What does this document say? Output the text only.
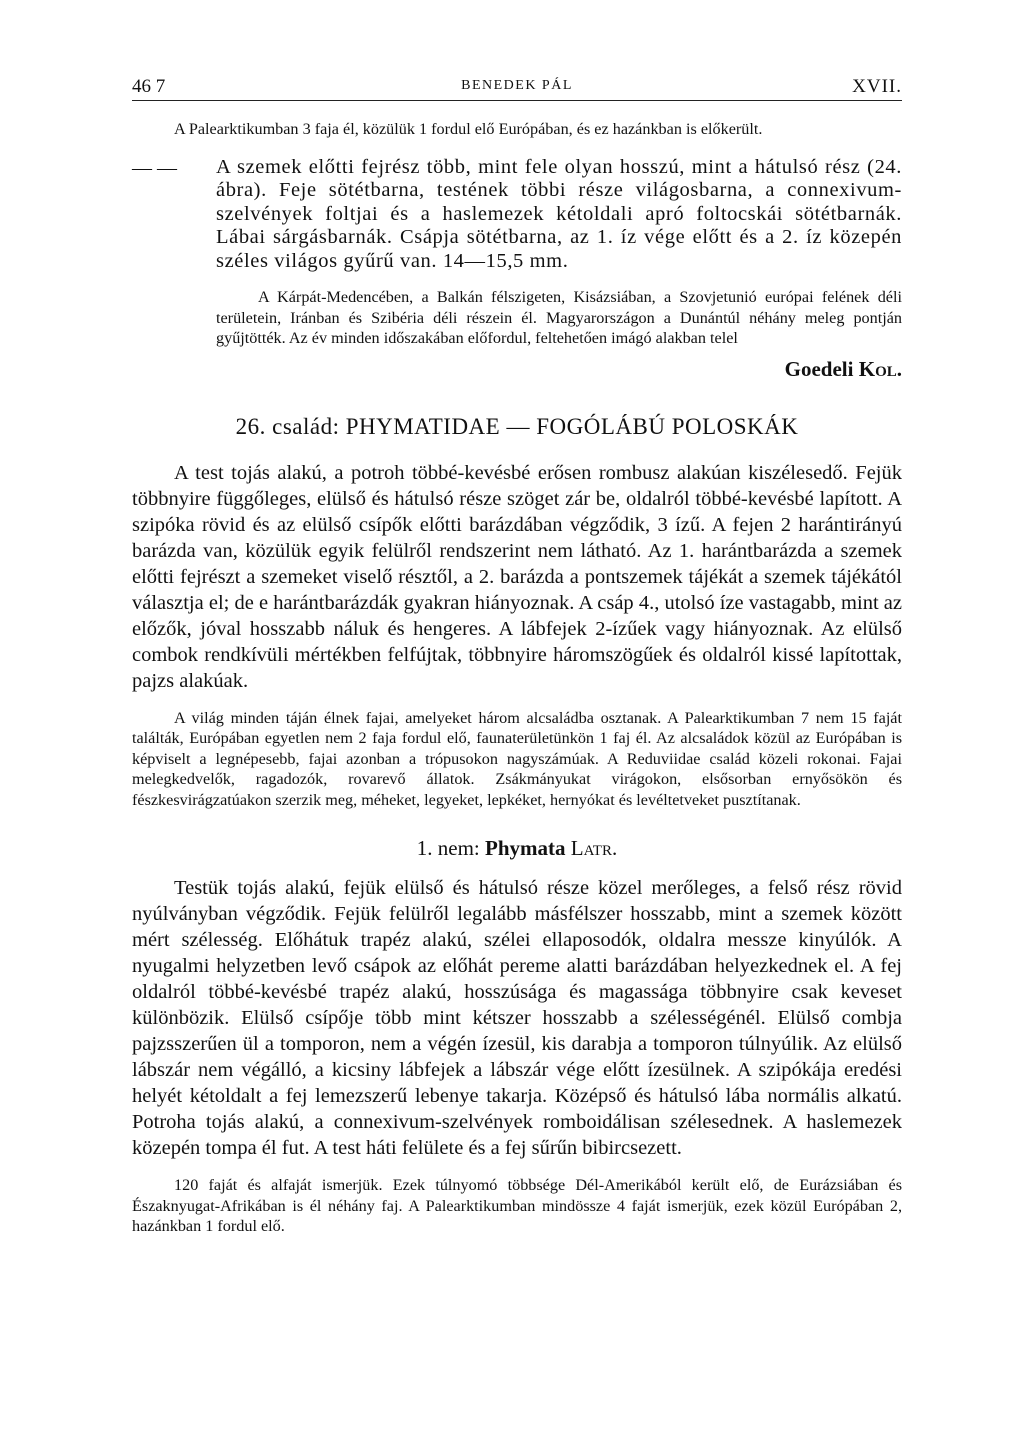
46 7	BENEDEK PÁL	XVII.

A Palearktikumban 3 faja él, közülük 1 fordul elő Európában, és ez hazánkban is előkerült.

— —	A szemek előtti fejrész több, mint fele olyan hosszú, mint a hátulsó rész (24. ábra). Feje sötétbarna, testének többi része világosbarna, a connexivum-szelvények foltjai és a haslemezek kétoldali apró foltocskái sötétbarnák. Lábai sárgásbarnák. Csápja sötétbarna, az 1. íz vége előtt és a 2. íz közepén széles világos gyűrű van. 14—15,5 mm.

A Kárpát-Medencében, a Balkán félszigeten, Kisázsiában, a Szovjetunió európai felének déli területein, Iránban és Szibéria déli részein él. Magyarországon a Dunántúl néhány meleg pontján gyűjtötték. Az év minden időszakában előfordul, feltehetően imágó alakban telel

Goedeli Kol.
26. család: PHYMATIDAE — FOGÓLÁBÚ POLOSKÁK

A test tojás alakú, a potroh többé-kevésbé erősen rombusz alakúan kiszélesedő. Fejük többnyire függőleges, elülső és hátulsó része szöget zár be, oldalról többé-kevésbé lapított. A szipóka rövid és az elülső csípők előtti barázdában végződik, 3 ízű. A fejen 2 harántirányú barázda van, közülük egyik felülről rendszerint nem látható. Az 1. harántbarázda a szemek előtti fejrészt a szemeket viselő résztől, a 2. barázda a pontszemek tájékát a szemek tájékától választja el; de e harántbarázdák gyakran hiányoznak. A csáp 4., utolsó íze vastagabb, mint az előzők, jóval hosszabb náluk és hengeres. A lábfejek 2-ízűek vagy hiányoznak. Az elülső combok rendkívüli mértékben felfújtak, többnyire háromszögűek és oldalról kissé lapítottak, pajzs alakúak.

A világ minden táján élnek fajai, amelyeket három alcsaládba osztanak. A Palearktikumban 7 nem 15 faját találták, Európában egyetlen nem 2 faja fordul elő, faunaterületünkön 1 faj él. Az alcsaládok közül az Európában is képviselt a legnépesebb, fajai azonban a trópusokon nagyszámúak. A Reduviidae család közeli rokonai. Fajai melegkedvelők, ragadozók, rovarevő állatok. Zsákmányukat virágokon, elsősorban ernyősökön és fészkesvirágzatúakon szerzik meg, méheket, legyeket, lepkéket, hernyókat és levéltetveket pusztítanak.

1. nem: Phymata Latr.

Testük tojás alakú, fejük elülső és hátulsó része közel merőleges, a felső rész rövid nyúlványban végződik. Fejük felülről legalább másfélszer hosszabb, mint a szemek között mért szélesség. Előhátuk trapéz alakú, szélei ellaposodók, oldalra messze kinyúlók. A nyugalmi helyzetben levő csápok az előhát pereme alatti barázdában helyezkednek el. A fej oldalról többé-kevésbé trapéz alakú, hosszúsága és magassága többnyire csak keveset különbözik. Elülső csípője több mint kétszer hosszabb a szélességénél. Elülső combja pajzsszerűen ül a tomporon, nem a végén ízesül, kis darabja a tomporon túlnyúlik. Az elülső lábszár nem végálló, a kicsiny lábfejek a lábszár vége előtt ízesülnek. A szipókája eredési helyét kétoldalt a fej lemezszerű lebenye takarja. Középső és hátulsó lába normális alkatú. Potroha tojás alakú, a connexivum-szelvények romboidálisan szélesednek. A haslemezek közepén tompa él fut. A test háti felülete és a fej sűrűn bibircsezett.

120 faját és alfaját ismerjük. Ezek túlnyomó többsége Dél-Amerikából került elő, de Eurázsiában és Északnyugat-Afrikában is él néhány faj. A Palearktikumban mindössze 4 faját ismerjük, ezek közül Európában 2, hazánkban 1 fordul elő.
